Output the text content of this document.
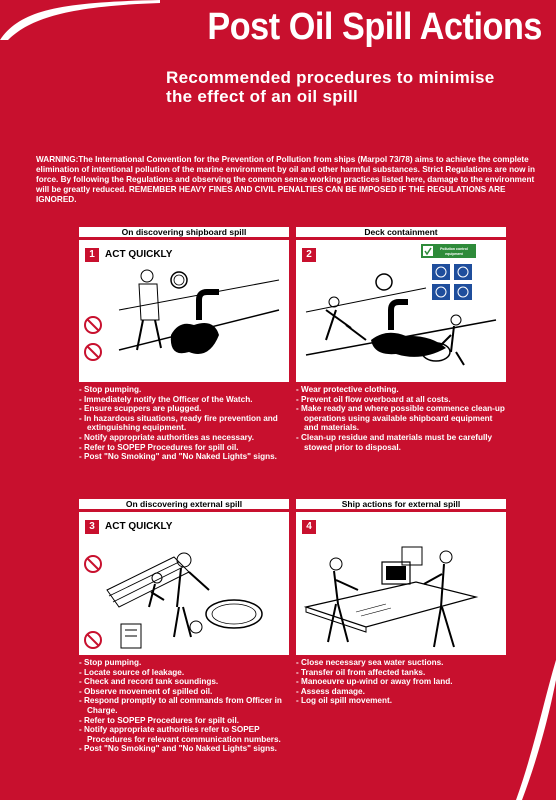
Post Oil Spill Actions
Recommended procedures to minimise
the effect of an oil spill
WARNING:The International Convention for the Prevention of Pollution from ships (Marpol 73/78) aims to achieve the complete elimination of intentional pollution of the marine environment by oil and other harmful substances. Strict Regulations are now in force. By following the Regulations and observing the common sense working practices listed here, damage to the environment will be greatly reduced. REMEMBER HEAVY FINES AND CIVIL PENALTIES CAN BE IMPOSED IF THE REGULATIONS ARE IGNORED.
On discovering shipboard spill
1	ACT QUICKLY
- Stop pumping.
- Immediately notify the Officer of the Watch.
- Ensure scuppers are plugged.
- In hazardous situations, ready fire prevention and extinguishing equipment.
- Notify appropriate authorities as necessary.
- Refer to SOPEP Procedures for spill oil.
- Post "No Smoking" and "No Naked Lights" signs.
Deck containment
2	Pollution control
equipment
- Wear protective clothing.
- Prevent oil flow overboard at all costs.
- Make ready and where possible commence clean-up operations using available shipboard equipment and materials.
- Clean-up residue and materials must be carefully stowed prior to disposal.
On discovering external spill
3	ACT QUICKLY
- Stop pumping.
- Locate source of leakage.
- Check and record tank soundings.
- Observe movement of spilled oil.
- Respond promptly to all commands from Officer in Charge.
- Refer to SOPEP Procedures for spilt oil.
- Notify appropriate authorities refer to SOPEP Procedures for relevant communication numbers.
- Post "No Smoking" and "No Naked Lights" signs.
Ship actions for external spill
4
- Close necessary sea water suctions.
- Transfer oil from affected tanks.
- Manoeuvre up-wind or away from land.
- Assess damage.
- Log oil spill movement.
